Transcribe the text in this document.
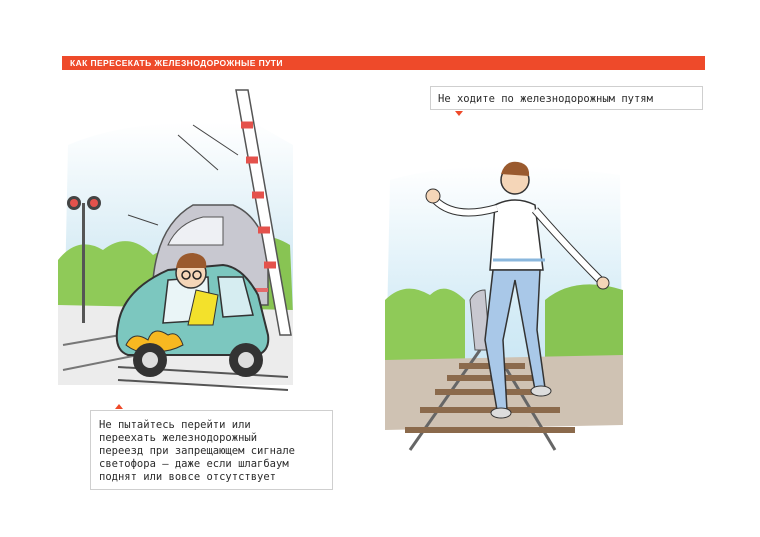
КАК ПЕРЕСЕКАТЬ ЖЕЛЕЗНОДОРОЖНЫЕ ПУТИ
Не ходите по железнодорожным путям
Не пытайтесь перейти или
переехать железнодорожный
переезд при запрещающем сигнале
светофора – даже если шлагбаум
поднят или вовсе отсутствует
